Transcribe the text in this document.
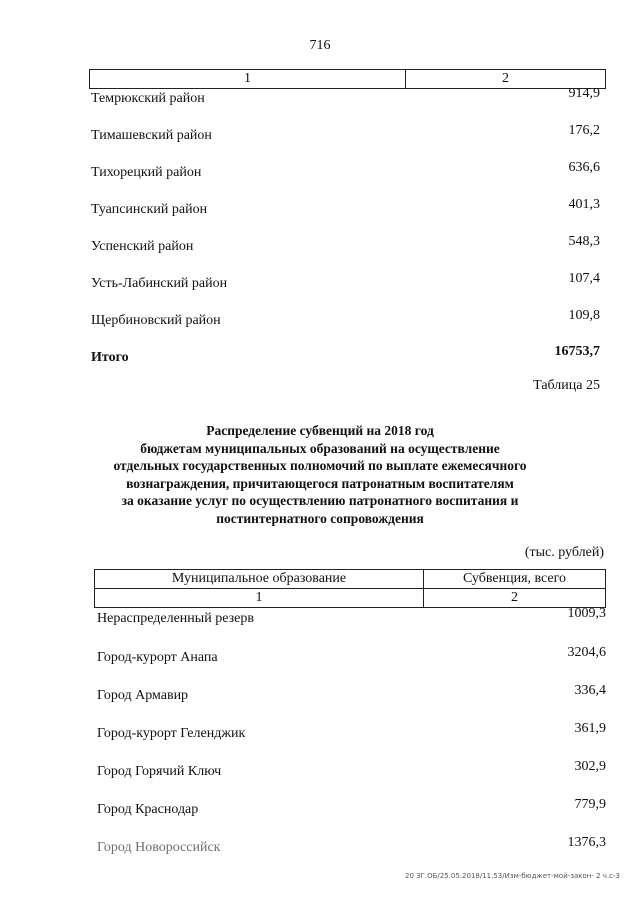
716
1	2
Темрюкский район	914,9
Тимашевский район	176,2
Тихорецкий район	636,6
Туапсинский район	401,3
Успенский район	548,3
Усть-Лабинский район	107,4
Щербиновский район	109,8
Итого	16753,7
Таблица 25
Распределение субвенций на 2018 год
бюджетам муниципальных образований на осуществление
отдельных государственных полномочий по выплате ежемесячного
вознаграждения, причитающегося патронатным воспитателям
за оказание услуг по осуществлению патронатного воспитания и
постинтернатного сопровождения
(тыс. рублей)
Муниципальное образование	Субвенция, всего
1	2
Нераспределенный резерв	1009,3
Город-курорт Анапа	3204,6
Город Армавир	336,4
Город-курорт Геленджик	361,9
Город Горячий Ключ	302,9
Город Краснодар	779,9
Город Новороссийск	1376,3
20 ЗГ.ОБ/25.05.2018/11.53/Изм-бюджет-мой-закон- 2 ч.с-3
